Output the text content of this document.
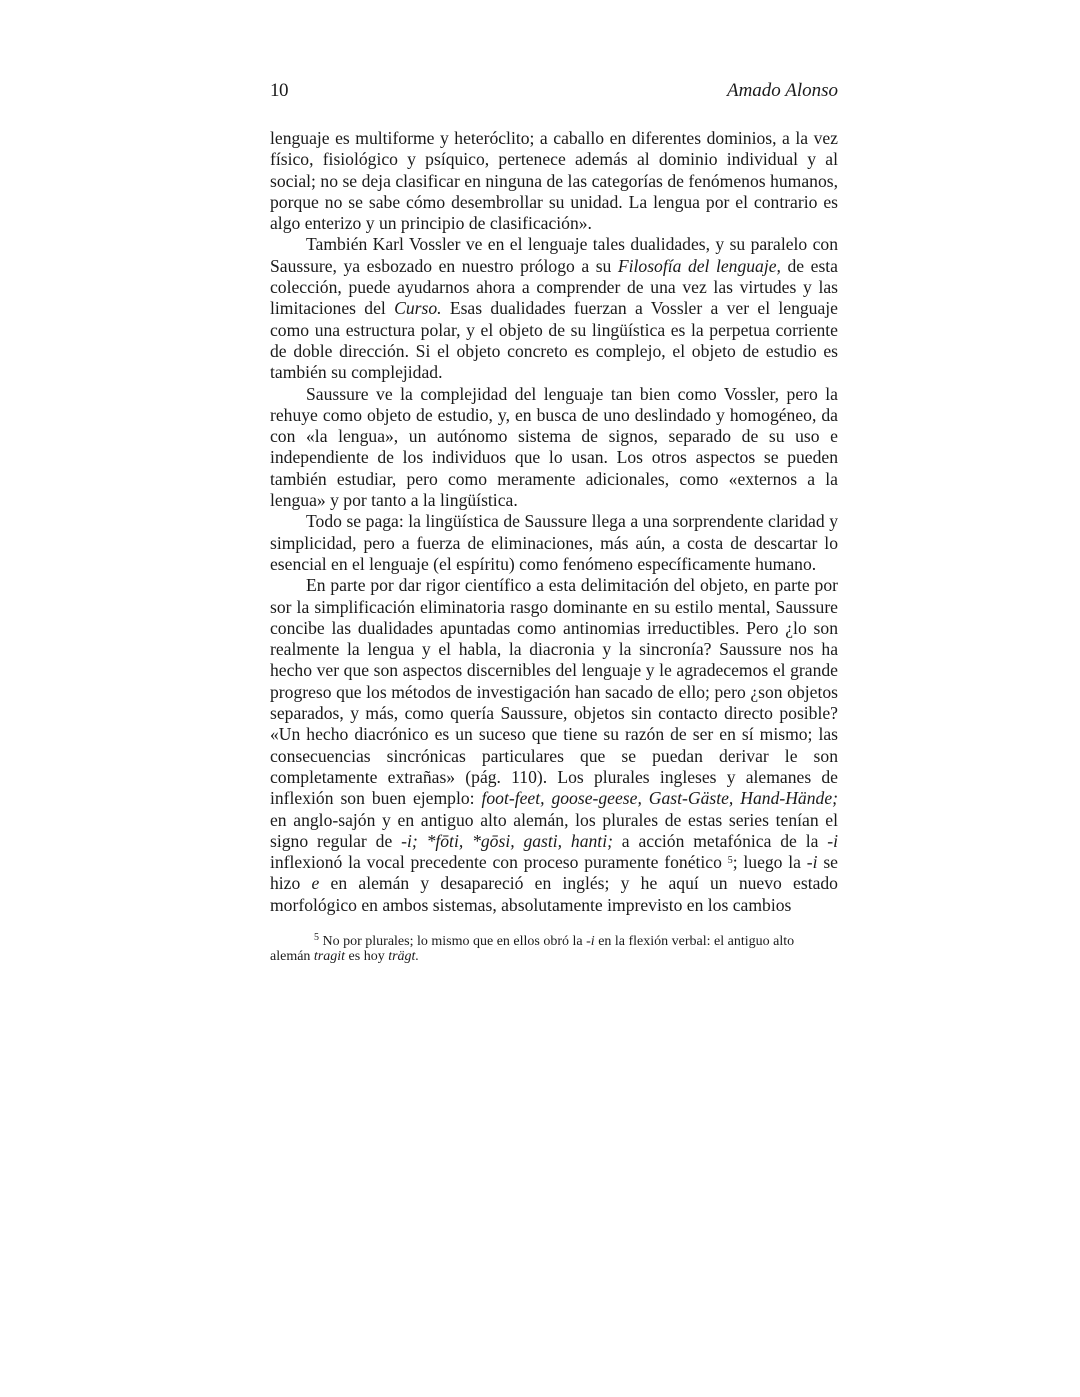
10	Amado Alonso

lenguaje es multiforme y heteróclito; a caballo en diferentes dominios, a la vez físico, fisiológico y psíquico, pertenece además al dominio individual y al social; no se deja clasificar en ninguna de las categorías de fenómenos humanos, porque no se sabe cómo desembrollar su unidad. La lengua por el contrario es algo enterizo y un principio de clasificación».

También Karl Vossler ve en el lenguaje tales dualidades, y su paralelo con Saussure, ya esbozado en nuestro prólogo a su Filosofía del lenguaje, de esta colección, puede ayudarnos ahora a comprender de una vez las virtudes y las limitaciones del Curso. Esas dualidades fuerzan a Vossler a ver el lenguaje como una estructura polar, y el objeto de su lingüística es la perpetua corriente de doble dirección. Si el objeto concreto es complejo, el objeto de estudio es también su complejidad.

Saussure ve la complejidad del lenguaje tan bien como Vossler, pero la rehuye como objeto de estudio, y, en busca de uno deslindado y homogéneo, da con «la lengua», un autónomo sistema de signos, separado de su uso e independiente de los individuos que lo usan. Los otros aspectos se pueden también estudiar, pero como meramente adicionales, como «externos a la lengua» y por tanto a la lingüística.

Todo se paga: la lingüística de Saussure llega a una sorprendente claridad y simplicidad, pero a fuerza de eliminaciones, más aún, a costa de descartar lo esencial en el lenguaje (el espíritu) como fenómeno específicamente humano.

En parte por dar rigor científico a esta delimitación del objeto, en parte por sor la simplificación eliminatoria rasgo dominante en su estilo mental, Saussure concibe las dualidades apuntadas como antinomias irreductibles. Pero ¿lo son realmente la lengua y el habla, la diacronia y la sincronía? Saussure nos ha hecho ver que son aspectos discernibles del lenguaje y le agradecemos el grande progreso que los métodos de investigación han sacado de ello; pero ¿son objetos separados, y más, como quería Saussure, objetos sin contacto directo posible? «Un hecho diacrónico es un suceso que tiene su razón de ser en sí mismo; las consecuencias sincrónicas particulares que se puedan derivar le son completamente extrañas» (pág. 110). Los plurales ingleses y alemanes de inflexión son buen ejemplo: foot-feet, goose-geese, Gast-Gäste, Hand-Hände; en anglo-sajón y en antiguo alto alemán, los plurales de estas series tenían el signo regular de -i; *fōti, *gōsi, gasti, hanti; a acción metafónica de la -i inflexionó la vocal precedente con proceso puramente fonético $^5$; luego la -i se hizo e en alemán y desapareció en inglés; y he aquí un nuevo estado morfológico en ambos sistemas, absolutamente imprevisto en los cambios

$^5$ No por plurales; lo mismo que en ellos obró la -i en la flexión verbal: el antiguo alto alemán tragit es hoy trägt.
